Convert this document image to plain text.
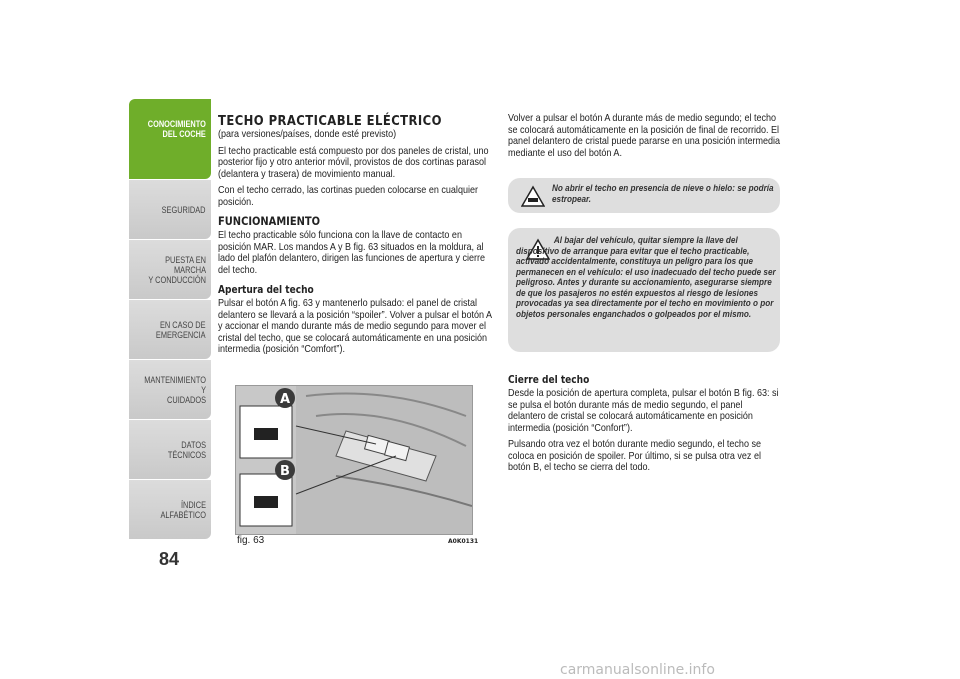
CONOCIMIENTO
DEL COCHE
SEGURIDAD
PUESTA EN MARCHA
Y CONDUCCIÓN
EN CASO DE
EMERGENCIA
MANTENIMIENTO Y
CUIDADOS
DATOS TÉCNICOS
ÍNDICE ALFABÉTICO
84
TECHO PRACTICABLE ELÉCTRICO

(para versiones/países, donde esté previsto)

El techo practicable está compuesto por dos paneles de cristal, uno posterior fijo y otro anterior móvil, provistos de dos cortinas parasol (delantera y trasera) de movimiento manual.

Con el techo cerrado, las cortinas pueden colocarse en cualquier posición.

FUNCIONAMIENTO

El techo practicable sólo funciona con la llave de contacto en posición MAR. Los mandos A y B fig. 63 situados en la moldura, al lado del plafón delantero, dirigen las funciones de apertura y cierre del techo.

Apertura del techo

Pulsar el botón A fig. 63 y mantenerlo pulsado: el panel de cristal delantero se llevará a la posición “spoiler”. Volver a pulsar el botón A y accionar el mando durante más de medio segundo para mover el cristal del techo, que se colocará automáticamente en una posición intermedia (posición “Comfort”).

A
B
fig. 63	A0K0131

Volver a pulsar el botón A durante más de medio segundo; el techo se colocará automáticamente en la posición de final de recorrido. El panel delantero de cristal puede pararse en una posición intermedia mediante el uso del botón A.

No abrir el techo en presencia de nieve o hielo: se podría estropear.

Al bajar del vehículo, quitar siempre la llave del dispositivo de arranque para evitar que el techo practicable, activado accidentalmente, constituya un peligro para los que permanecen en el vehículo: el uso inadecuado del techo puede ser peligroso. Antes y durante su accionamiento, asegurarse siempre de que los pasajeros no estén expuestos al riesgo de lesiones provocadas ya sea directamente por el techo en movimiento o por objetos personales enganchados o golpeados por el mismo.

Cierre del techo

Desde la posición de apertura completa, pulsar el botón B fig. 63: si se pulsa el botón durante más de medio segundo, el panel delantero de cristal se colocará automáticamente en posición intermedia (posición “Confort”).

Pulsando otra vez el botón durante medio segundo, el techo se coloca en posición de spoiler. Por último, si se pulsa otra vez el botón B, el techo se cierra del todo.

carmanualsonline.info
